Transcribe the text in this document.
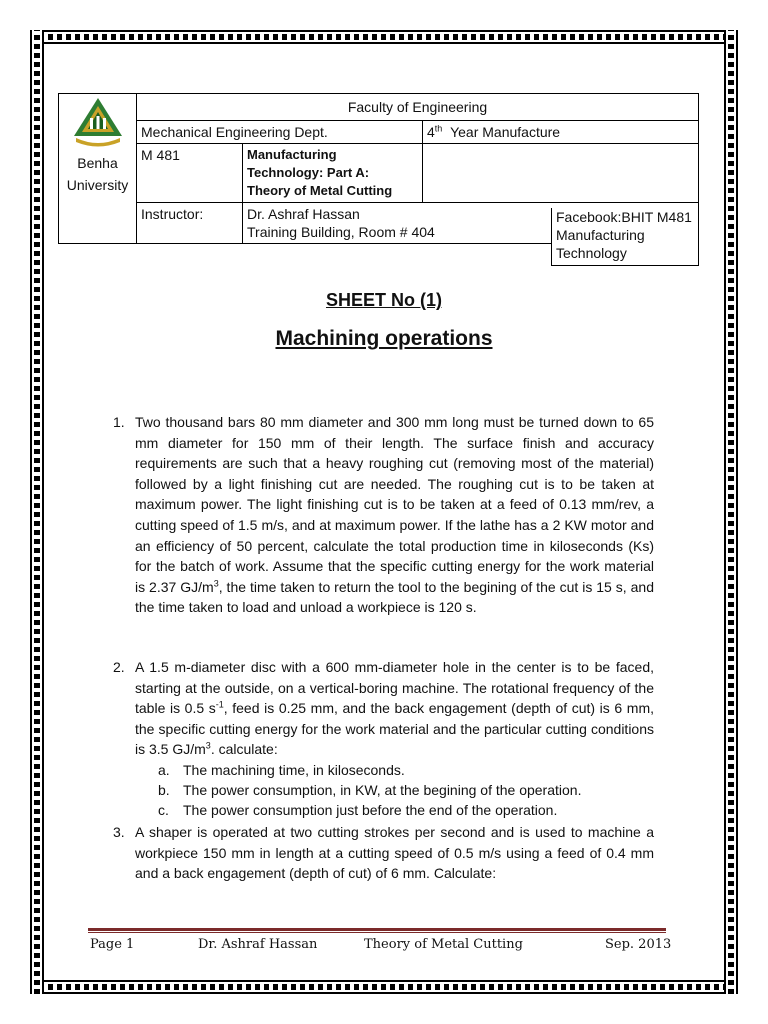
Benha
University	Faculty of Engineering		
	Mechanical Engineering Dept.		4th Year Manufacture
	M 481	Manufacturing
Technology: Part A:
Theory of Metal Cutting	

	Instructor:	Dr. Ashraf Hassan
Training Building, Room # 404	
Facebook:BHIT M481
Manufacturing
Technology
SHEET No (1)
Machining operations
1. Two thousand bars 80 mm diameter and 300 mm long must be turned down to 65 mm diameter for 150 mm of their length. The surface finish and accuracy requirements are such that a heavy roughing cut (removing most of the material) followed by a light finishing cut are needed. The roughing cut is to be taken at maximum power. The light finishing cut is to be taken at a feed of 0.13 mm/rev, a cutting speed of 1.5 m/s, and at maximum power. If the lathe has a 2 KW motor and an efficiency of 50 percent, calculate the total production time in kiloseconds (Ks) for the batch of work. Assume that the specific cutting energy for the work material is 2.37 $GJ/m^3$, the time taken to return the tool to the begining of the cut is 15 s, and the time taken to load and unload a workpiece is 120 s.
2. A 1.5 m-diameter disc with a 600 mm-diameter hole in the center is to be faced, starting at the outside, on a vertical-boring machine. The rotational frequency of the table is 0.5 $s^{-1}$, feed is 0.25 mm, and the back engagement (depth of cut) is 6 mm, the specific cutting energy for the work material and the particular cutting conditions is 3.5 $GJ/m^3$. calculate:
a. The machining time, in kiloseconds.
b. The power consumption, in KW, at the begining of the operation.
c. The power consumption just before the end of the operation.
3. A shaper is operated at two cutting strokes per second and is used to machine a workpiece 150 mm in length at a cutting speed of 0.5 m/s using a feed of 0.4 mm and a back engagement (depth of cut) of 6 mm. Calculate:
Page 1	Dr. Ashraf Hassan	Theory of Metal Cutting	Sep. 2013
